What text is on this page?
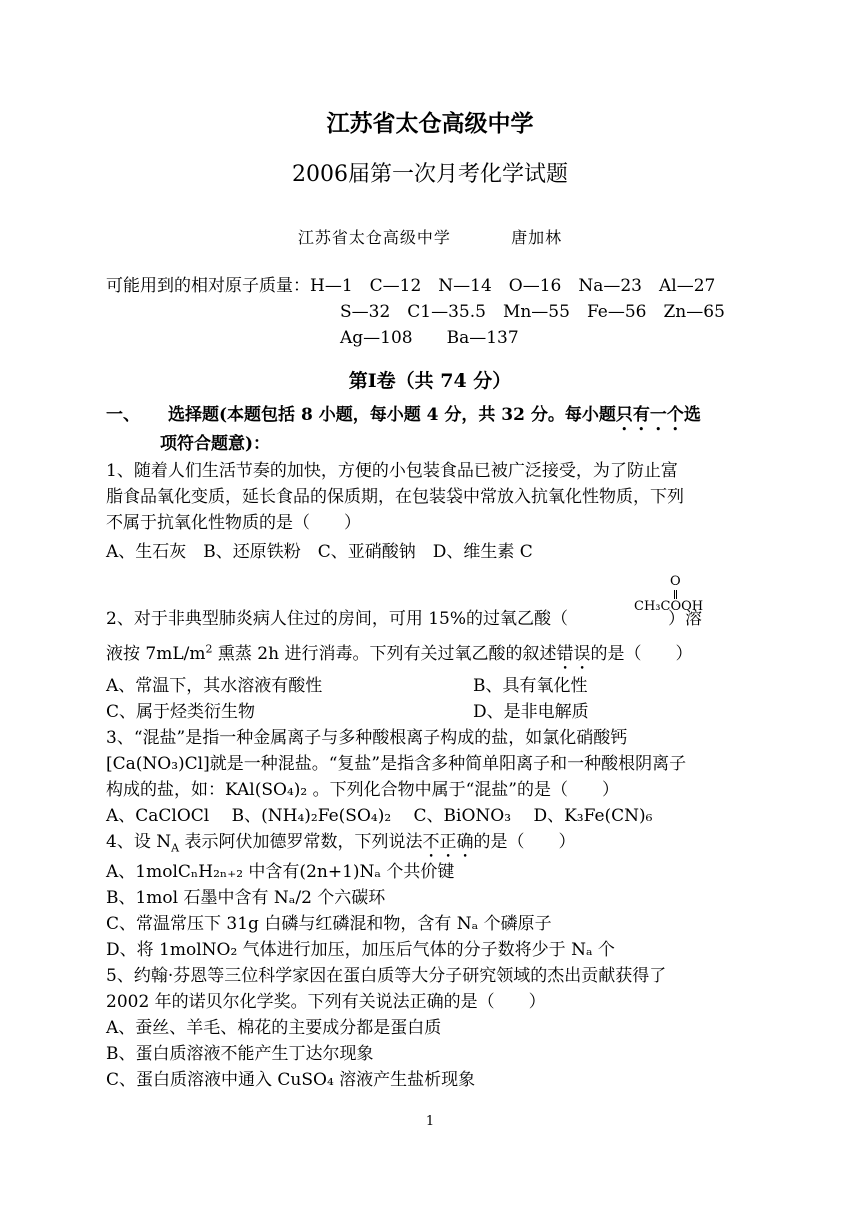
江苏省太仓高级中学
2006届第一次月考化学试题
江苏省太仓高级中学	唐加林
可能用到的相对原子质量：H—1　C—12　N—14　O—16　Na—23　Al—27
S—32　C1—35.5　Mn—55　Fe—56　Zn—65
Ag—108　　Ba—137
第Ⅰ卷（共 74 分）
一、 选择题(本题包括 8 小题，每小题 4 分，共 32 分。每小题只有一个选
项符合题意)：
1、随着人们生活节奏的加快，方便的小包装食品已被广泛接受，为了防止富
脂食品氧化变质，延长食品的保质期，在包装袋中常放入抗氧化性物质，下列
不属于抗氧化性物质的是（　　）
A、生石灰　B、还原铁粉　C、亚硝酸钠　D、维生素 C
2、对于非典型肺炎病人住过的房间，可用 15%的过氧乙酸（	）溶
O
CH₃COOH
液按 $7mL/m^2$ 熏蒸 2h 进行消毒。下列有关过氧乙酸的叙述错误的是（　　）
A、常温下，其水溶液有酸性	B、具有氧化性
C、属于烃类衍生物	D、是非电解质
3、“混盐”是指一种金属离子与多种酸根离子构成的盐，如氯化硝酸钙
[Ca(NO₃)Cl]就是一种混盐。“复盐”是指含多种简单阳离子和一种酸根阴离子
构成的盐，如：KAl(SO₄)₂ 。下列化合物中属于“混盐”的是（　　）
A、CaClOCl　 B、(NH₄)₂Fe(SO₄)₂　 C、BiONO₃　 D、K₃Fe(CN)₆
4、设 $N_A$ 表示阿伏加德罗常数，下列说法不正确的是（　　）
A、1molCₙH₂ₙ₊₂ 中含有(2n+1)Nₐ 个共价键
B、1mol 石墨中含有 Nₐ/2 个六碳环
C、常温常压下 31g 白磷与红磷混和物，含有 Nₐ 个磷原子
D、将 1molNO₂ 气体进行加压，加压后气体的分子数将少于 Nₐ 个
5、约翰·芬恩等三位科学家因在蛋白质等大分子研究领域的杰出贡献获得了
2002 年的诺贝尔化学奖。下列有关说法正确的是（　　）
A、蚕丝、羊毛、棉花的主要成分都是蛋白质
B、蛋白质溶液不能产生丁达尔现象
C、蛋白质溶液中通入 CuSO₄ 溶液产生盐析现象
1
